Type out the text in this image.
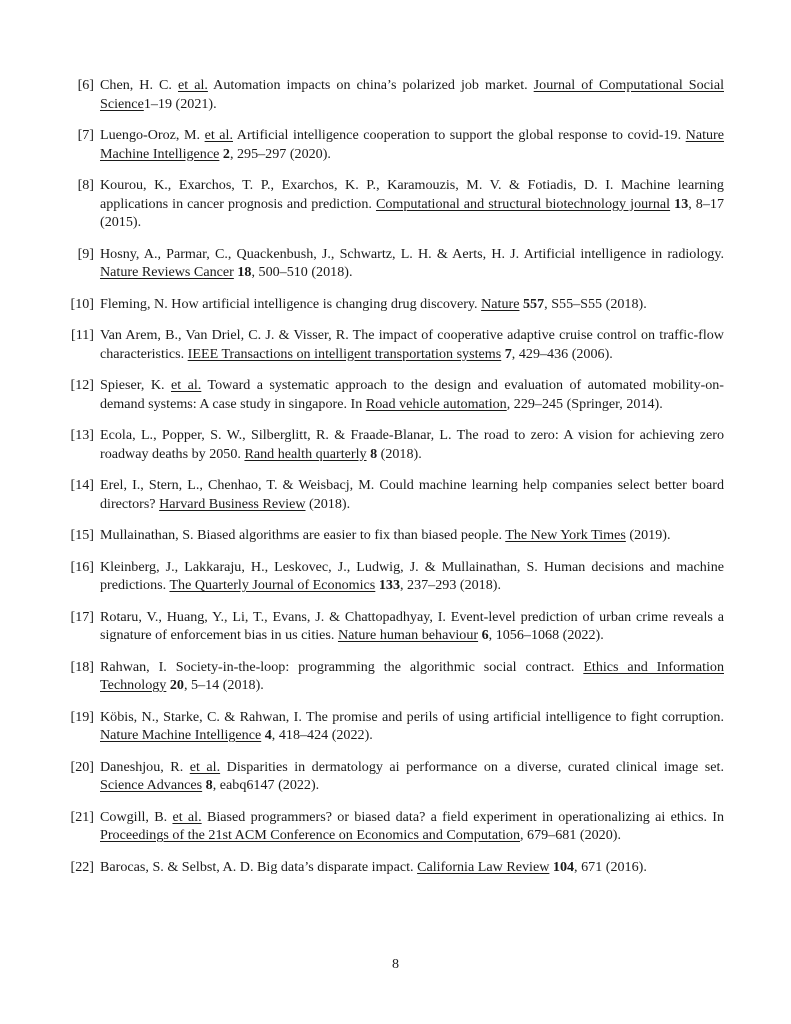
[6] Chen, H. C. et al. Automation impacts on china’s polarized job market. Journal of Computational Social Science1–19 (2021).
[7] Luengo-Oroz, M. et al. Artificial intelligence cooperation to support the global response to covid-19. Nature Machine Intelligence 2, 295–297 (2020).
[8] Kourou, K., Exarchos, T. P., Exarchos, K. P., Karamouzis, M. V. & Fotiadis, D. I. Machine learning applications in cancer prognosis and prediction. Computational and structural biotechnology journal 13, 8–17 (2015).
[9] Hosny, A., Parmar, C., Quackenbush, J., Schwartz, L. H. & Aerts, H. J. Artificial intelligence in radiology. Nature Reviews Cancer 18, 500–510 (2018).
[10] Fleming, N. How artificial intelligence is changing drug discovery. Nature 557, S55–S55 (2018).
[11] Van Arem, B., Van Driel, C. J. & Visser, R. The impact of cooperative adaptive cruise control on traffic-flow characteristics. IEEE Transactions on intelligent transportation systems 7, 429–436 (2006).
[12] Spieser, K. et al. Toward a systematic approach to the design and evaluation of automated mobility-on-demand systems: A case study in singapore. In Road vehicle automation, 229–245 (Springer, 2014).
[13] Ecola, L., Popper, S. W., Silberglitt, R. & Fraade-Blanar, L. The road to zero: A vision for achieving zero roadway deaths by 2050. Rand health quarterly 8 (2018).
[14] Erel, I., Stern, L., Chenhao, T. & Weisbacj, M. Could machine learning help companies select better board directors? Harvard Business Review (2018).
[15] Mullainathan, S. Biased algorithms are easier to fix than biased people. The New York Times (2019).
[16] Kleinberg, J., Lakkaraju, H., Leskovec, J., Ludwig, J. & Mullainathan, S. Human decisions and machine predictions. The Quarterly Journal of Economics 133, 237–293 (2018).
[17] Rotaru, V., Huang, Y., Li, T., Evans, J. & Chattopadhyay, I. Event-level prediction of urban crime reveals a signature of enforcement bias in us cities. Nature human behaviour 6, 1056–1068 (2022).
[18] Rahwan, I. Society-in-the-loop: programming the algorithmic social contract. Ethics and Information Technology 20, 5–14 (2018).
[19] Köbis, N., Starke, C. & Rahwan, I. The promise and perils of using artificial intelligence to fight corruption. Nature Machine Intelligence 4, 418–424 (2022).
[20] Daneshjou, R. et al. Disparities in dermatology ai performance on a diverse, curated clinical image set. Science Advances 8, eabq6147 (2022).
[21] Cowgill, B. et al. Biased programmers? or biased data? a field experiment in operationalizing ai ethics. In Proceedings of the 21st ACM Conference on Economics and Computation, 679–681 (2020).
[22] Barocas, S. & Selbst, A. D. Big data’s disparate impact. California Law Review 104, 671 (2016).
8
